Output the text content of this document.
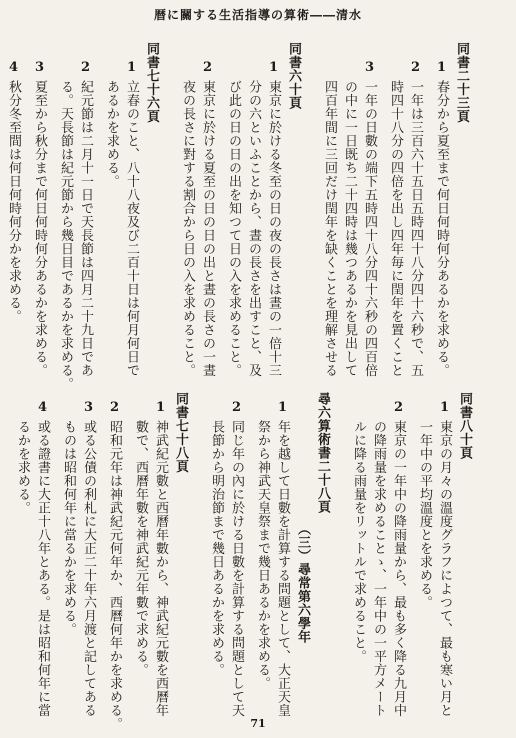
暦に關する生活指導の算術――清水
71
同書二十三頁
1
春分から夏至まで何日何時何分あるかを求める。
2
一年は三百六十五日五時四十八分四十六秒で、五
時四十八分の四倍を出し四年毎に閏年を置くこと
3
一年の日數の端下五時四十八分四十六秒の四百倍
の中に一日既ち二十四時は幾つあるかを見出して
四百年間に三回だけ閏年を缺くことを理解させる
同書六十頁
1
東京に於ける冬至の日の夜の長さは晝の一倍十三
分の六といふことから、晝の長さを出すこと、及
び此の日の日の出を知つて日の入を求めること。
2
東京に於ける夏至の日の日の出と晝の長さの一晝
夜の長さに對する割合から日の入を求めること。
同書七十六頁
1
立春のこと、八十八夜及び二百十日は何月何日で
あるかを求める。
2
紀元節は二月十一日で天長節は四月二十九日であ
る。天長節は紀元節から幾日目であるかを求める。
3
夏至から秋分まで何日何時何分あるかを求める。
4
秋分冬至間は何日何時何分かを求める。
同書八十頁
1
東京の月々の溫度グラフによつて、最も寒い月と
一年中の平均溫度とを求める。
2
東京の一年中の降雨量から、最も多く降る九月中
の降雨量を求めることゝ、一年中の一平方メート
ルに降る雨量をリットルで求めること。
尋六算術書二十八頁
（三）尋常第六學年
1
年を越して日數を計算する問題として、大正天皇
祭から神武天皇祭まで幾日あるかを求める。
2
同じ年の內に於ける日數を計算する問題として天
長節から明治節まで幾日あるかを求める。
同書七十八頁
1
神武紀元數と西曆年數から、神武紀元數を西曆年
數で、西曆年數を神武紀元年數で求める。
2
昭和元年は神武紀元何年か、西曆何年かを求める。
3
或る公債の利札に大正二十年六月渡と記してある
ものは昭和何年に當るかを求める。
4
或る證書に大正十八年とある。是は昭和何年に當
るかを求める。
